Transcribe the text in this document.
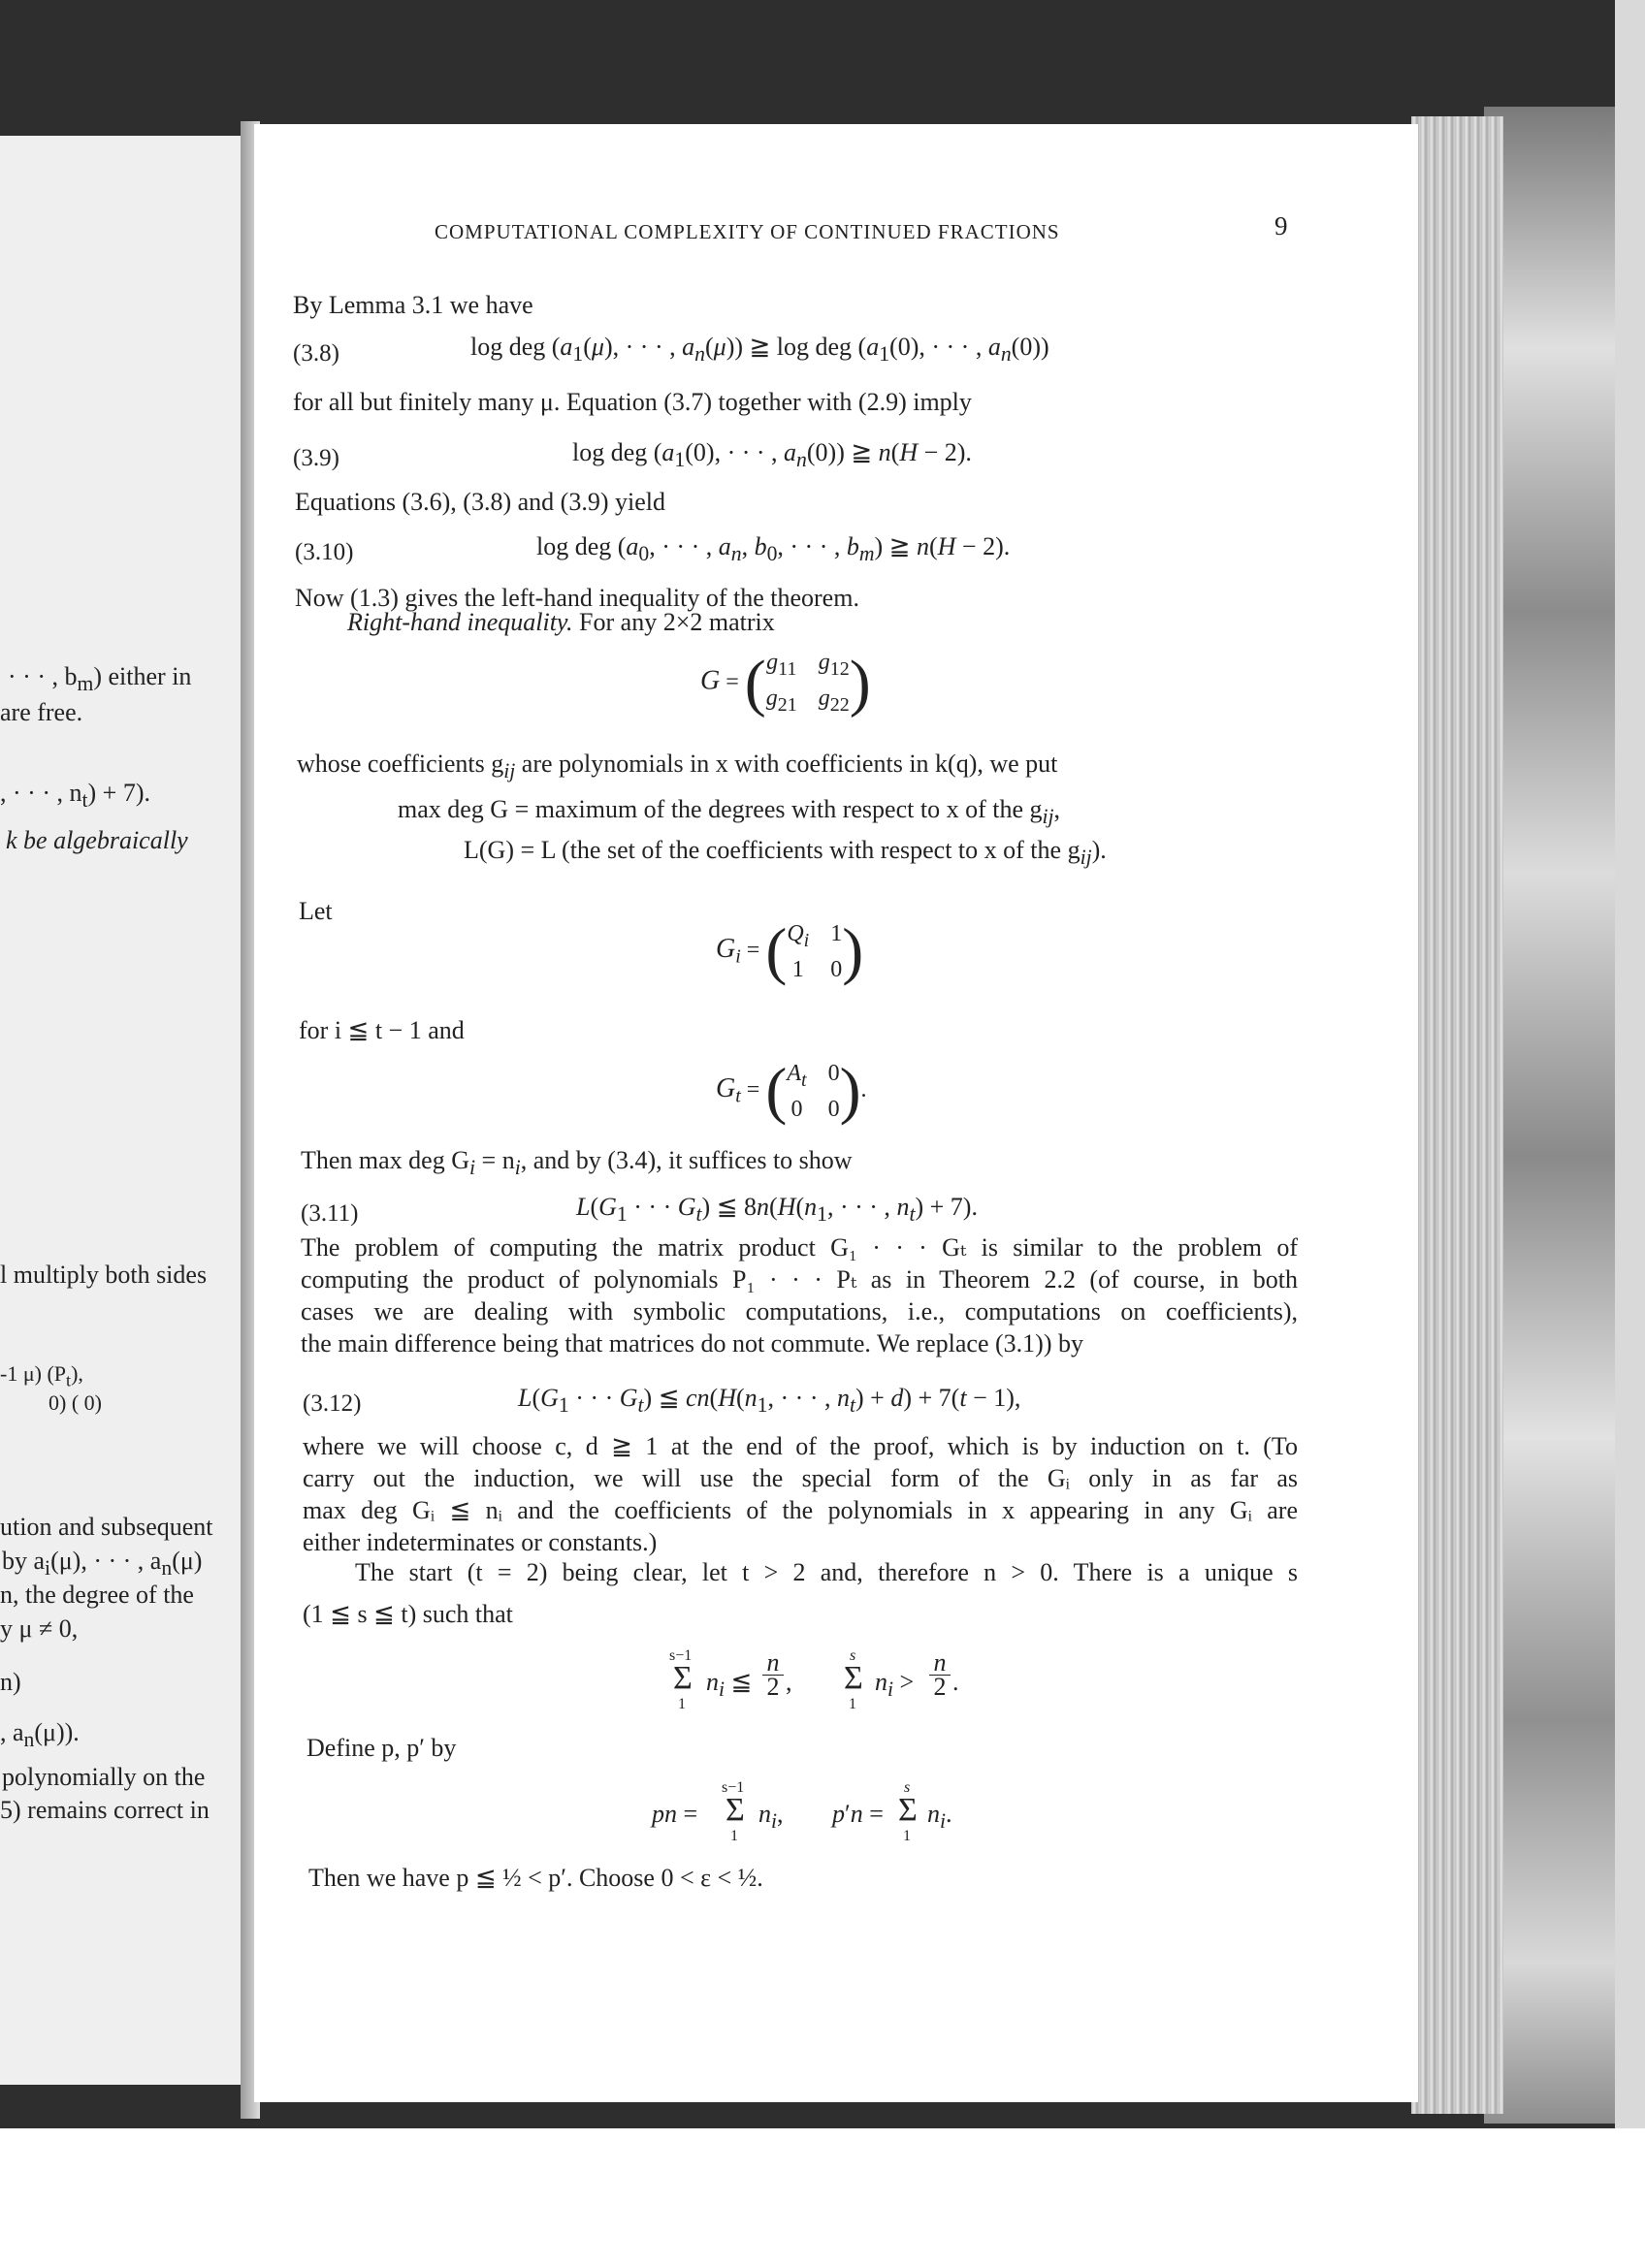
· · · , $b_m$) either in
are free.
, · · · , $n_t) + 7$).
k be algebraically
l multiply both sides
-1 μ) $(P_t)$,
0) ( 0)
ution and subsequent
by $a_i(\mu)$, · · · , $a_n(\mu)$
n, the degree of the
y μ ≠ 0,
n)
, $a_n(\mu)$).
polynomially on the
5) remains correct in
COMPUTATIONAL COMPLEXITY OF CONTINUED FRACTIONS	9
By Lemma 3.1 we have
(3.8)	log deg ($a_1(\mu)$, · · · , $a_n(\mu)$) ≧ log deg ($a_1(0)$, · · · , $a_n(0)$)
for all but finitely many μ. Equation (3.7) together with (2.9) imply
(3.9)	log deg ($a_1(0)$, · · · , $a_n(0)$) ≧ n(H − 2).
Equations (3.6), (3.8) and (3.9) yield
(3.10)	log deg ($a_0$, · · · , $a_n$, $b_0$, · · · , $b_m$) ≧ n(H − 2).
Now (1.3) gives the left-hand inequality of the theorem.
Right-hand inequality. For any 2×2 matrix
G = ( $g_{11}$ $g_{12}$
$g_{21}$ $g_{22}$ )
whose coefficients $g_{ij}$ are polynomials in x with coefficients in k(q), we put
max deg G = maximum of the degrees with respect to x of the $g_{ij}$,
L(G) = L (the set of the coefficients with respect to x of the $g_{ij}$).
Let
$G_i$ = ( $Q_i$ 1
1 0 )
for i ≦ t − 1 and
$G_t$ = ( $A_t$ 0
0 0 ).
Then max deg $G_i = n_i$, and by (3.4), it suffices to show
(3.11)	$L(G_1$ · · · $G_t$) ≦ $8n(H(n_1$, · · · , $n_t) + 7$).
The problem of computing the matrix product G₁ · · · Gₜ is similar to the problem of
computing the product of polynomials P₁ · · · Pₜ as in Theorem 2.2 (of course, in both
cases we are dealing with symbolic computations, i.e., computations on coefficients),
the main difference being that matrices do not commute. We replace (3.1)) by
(3.12)	$L(G_1$ · · · $G_t$) ≦ $cn(H(n_1$, · · · , $n_t) + d) + 7(t - 1)$,
where we will choose c, d ≧ 1 at the end of the proof, which is by induction on t. (To
carry out the induction, we will use the special form of the Gᵢ only in as far as
max deg Gᵢ ≦ nᵢ and the coefficients of the polynomials in x appearing in any Gᵢ are
either indeterminates or constants.)
The start (t = 2) being clear, let t > 2 and, therefore n > 0. There is a unique s
(1 ≦ s ≦ t) such that
s−1
Σ
1
$n_i$ ≦
n

2 ,
s
Σ
1
$n_i$ >
n

2 .
Define p, p′ by
pn =
s−1
Σ
1
$n_i$, p′n =
s
Σ
1
$n_i$.
Then we have p ≦ ½ < p′. Choose 0 < ε < ½.
